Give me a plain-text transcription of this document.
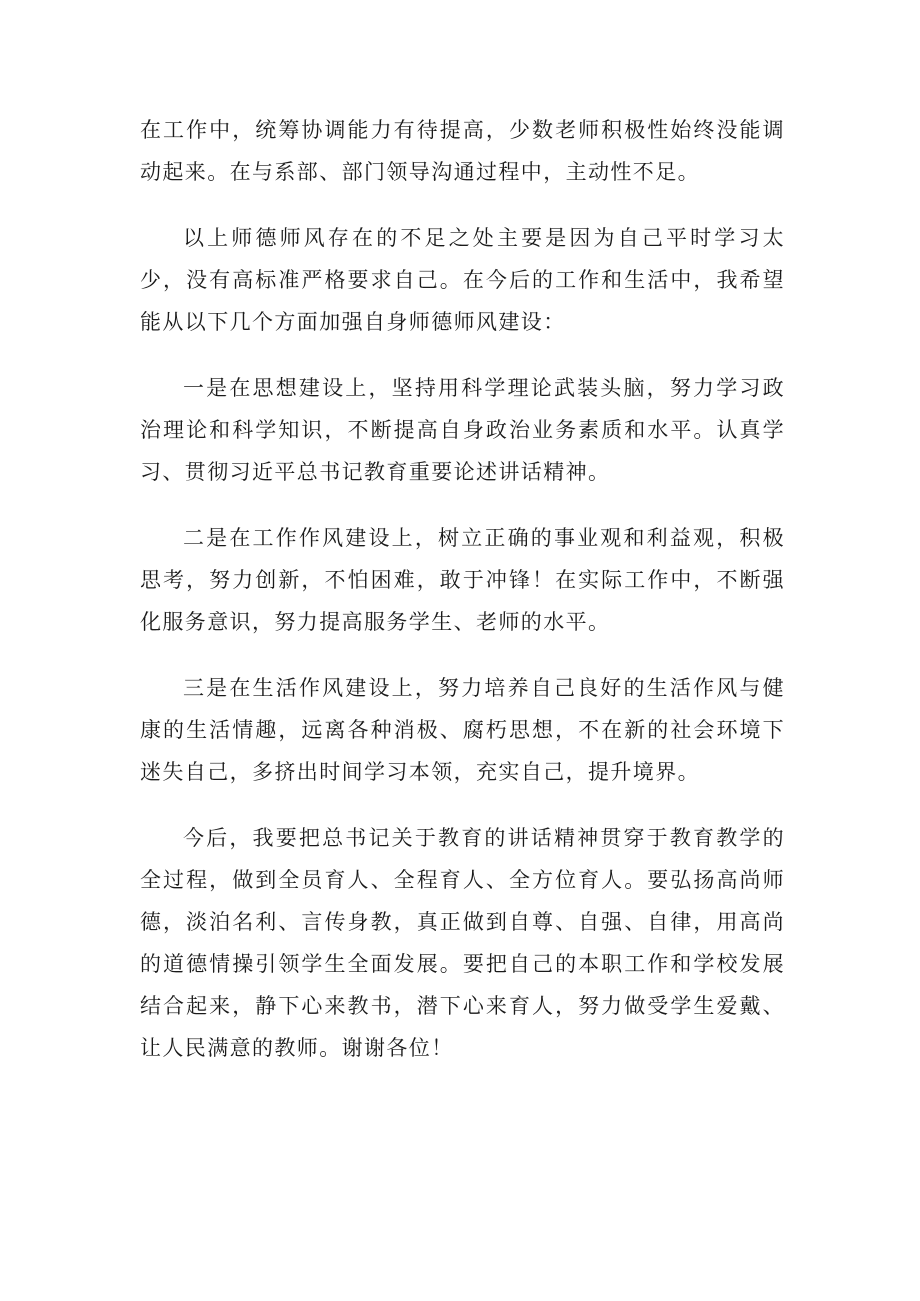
在工作中，统筹协调能力有待提高，少数老师积极性始终没能调动起来。在与系部、部门领导沟通过程中，主动性不足。

以上师德师风存在的不足之处主要是因为自己平时学习太少，没有高标准严格要求自己。在今后的工作和生活中，我希望能从以下几个方面加强自身师德师风建设：

一是在思想建设上，坚持用科学理论武装头脑，努力学习政治理论和科学知识，不断提高自身政治业务素质和水平。认真学习、贯彻习近平总书记教育重要论述讲话精神。

二是在工作作风建设上，树立正确的事业观和利益观，积极思考，努力创新，不怕困难，敢于冲锋！在实际工作中，不断强化服务意识，努力提高服务学生、老师的水平。

三是在生活作风建设上，努力培养自己良好的生活作风与健康的生活情趣，远离各种消极、腐朽思想，不在新的社会环境下迷失自己，多挤出时间学习本领，充实自己，提升境界。

今后，我要把总书记关于教育的讲话精神贯穿于教育教学的全过程，做到全员育人、全程育人、全方位育人。要弘扬高尚师德，淡泊名利、言传身教，真正做到自尊、自强、自律，用高尚的道德情操引领学生全面发展。要把自己的本职工作和学校发展结合起来，静下心来教书，潜下心来育人，努力做受学生爱戴、让人民满意的教师。谢谢各位！
